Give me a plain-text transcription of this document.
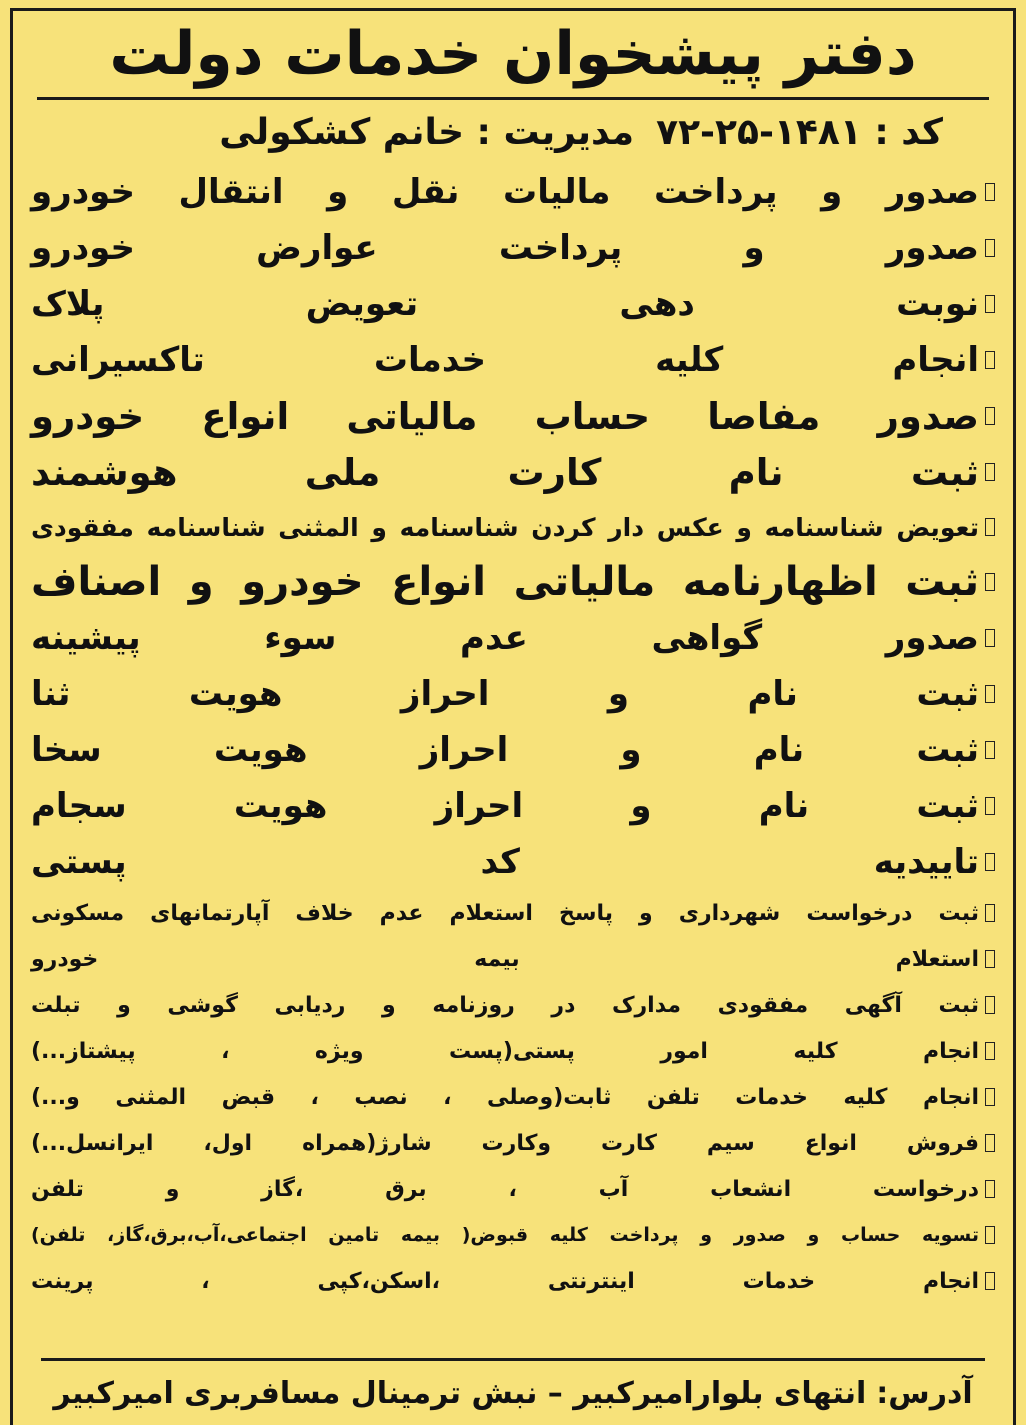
دفتر پیشخوان خدمات دولت
کد : ۱۴۸۱-۲۵-۷۲
مدیریت : خانم کشکولی
صدور و پرداخت مالیات نقل و انتقال خودرو
صدور و پرداخت عوارض خودرو
نوبت دهی تعویض پلاک
انجام کلیه خدمات تاکسیرانی
صدور مفاصا حساب مالیاتی انواع خودرو
ثبت نام کارت ملی هوشمند
تعویض شناسنامه و عکس دار کردن شناسنامه و المثنی شناسنامه مفقودی
ثبت اظهارنامه مالیاتی انواع خودرو و اصناف
صدور گواهی عدم سوء پیشینه
ثبت نام و احراز هویت ثنا
ثبت نام و احراز هویت سخا
ثبت نام و احراز هویت سجام
تاییدیه کد پستی
ثبت درخواست شهرداری و پاسخ استعلام عدم خلاف آپارتمانهای مسکونی
استعلام بیمه خودرو
ثبت آگهی مفقودی مدارک در روزنامه و ردیابی گوشی و تبلت
انجام کلیه امور پستی(پست ویژه ، پیشتاز...)
انجام کلیه خدمات تلفن ثابت(وصلی ، نصب ، قبض المثنی و...)
فروش انواع سیم کارت وکارت شارژ(همراه اول، ایرانسل...)
درخواست انشعاب آب ، برق ،گاز و تلفن
تسویه حساب و صدور و پرداخت کلیه قبوض( بیمه تامین اجتماعی،آب،برق،گاز، تلفن)
انجام خدمات اینترنتی ،اسکن،کپی ، پرینت
آدرس:
انتهای بلوارامیرکبیر – نبش ترمینال مسافربری امیرکبیر
